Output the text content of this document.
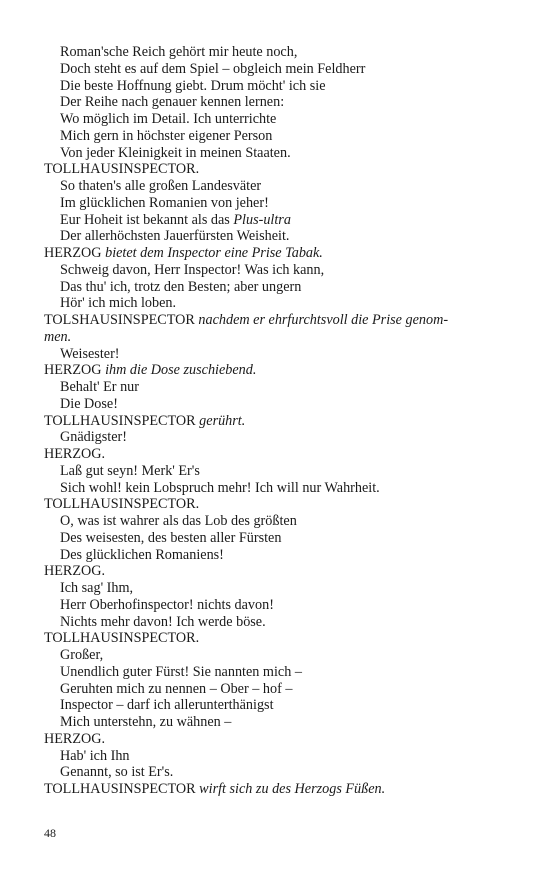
Roman'sche Reich gehört mir heute noch,
Doch steht es auf dem Spiel – obgleich mein Feldherr
Die beste Hoffnung giebt. Drum möcht' ich sie
Der Reihe nach genauer kennen lernen:
Wo möglich im Detail. Ich unterrichte
Mich gern in höchster eigener Person
Von jeder Kleinigkeit in meinen Staaten.
TOLLHAUSINSPECTOR.
So thaten's alle großen Landesväter
Im glücklichen Romanien von jeher!
Eur Hoheit ist bekannt als das Plus-ultra
Der allerhöchsten Jauerfürsten Weisheit.
HERZOG bietet dem Inspector eine Prise Tabak.
Schweig davon, Herr Inspector! Was ich kann,
Das thu' ich, trotz den Besten; aber ungern
Hör' ich mich loben.
TOLSHAUSINSPECTOR nachdem er ehrfurchtsvoll die Prise genom-
men.
Weisester!
HERZOG ihm die Dose zuschiebend.
Behalt' Er nur
Die Dose!
TOLLHAUSINSPECTOR gerührt.
Gnädigster!
HERZOG.
Laß gut seyn! Merk' Er's
Sich wohl! kein Lobspruch mehr! Ich will nur Wahrheit.
TOLLHAUSINSPECTOR.
O, was ist wahrer als das Lob des größten
Des weisesten, des besten aller Fürsten
Des glücklichen Romaniens!
HERZOG.
Ich sag' Ihm,
Herr Oberhofinspector! nichts davon!
Nichts mehr davon! Ich werde böse.
TOLLHAUSINSPECTOR.
Großer,
Unendlich guter Fürst! Sie nannten mich –
Geruhten mich zu nennen – Ober – hof –
Inspector – darf ich allerunterthänigst
Mich unterstehn, zu wähnen –
HERZOG.
Hab' ich Ihn
Genannt, so ist Er's.
TOLLHAUSINSPECTOR wirft sich zu des Herzogs Füßen.
48
